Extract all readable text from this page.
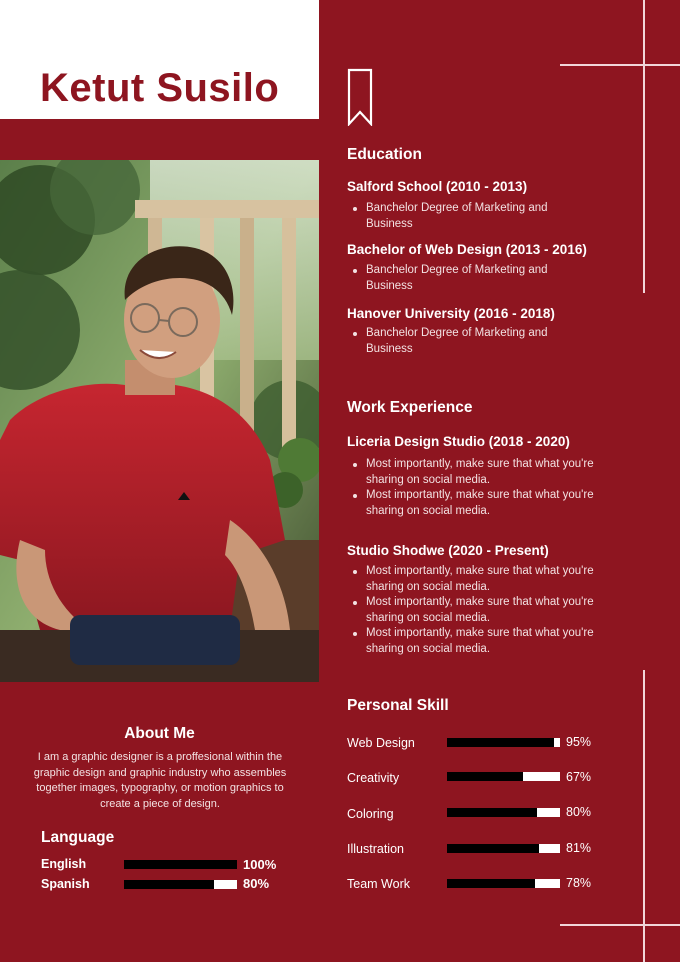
Ketut Susilo
Education
Salford School (2010 - 2013)
Banchelor Degree of Marketing and Business
Bachelor of Web Design (2013 - 2016)
Banchelor Degree of Marketing and Business
Hanover University (2016 - 2018)
Banchelor Degree of Marketing and Business
Work Experience
Liceria Design Studio (2018 - 2020)
Most importantly, make sure that what you're sharing on social media.
Most importantly, make sure that what you're sharing on social media.
Studio Shodwe (2020 - Present)
Most importantly, make sure that what you're sharing on social media.
Most importantly, make sure that what you're sharing on social media.
Most importantly, make sure that what you're sharing on social media.
About Me
I am a graphic designer is a proffesional within the graphic design and graphic industry who assembles together images, typography, or motion graphics to create a piece of design.
Language
English	100%
Spanish	80%
Personal Skill
Web Design	95%
Creativity	67%
Coloring	80%
Illustration	81%
Team Work	78%
